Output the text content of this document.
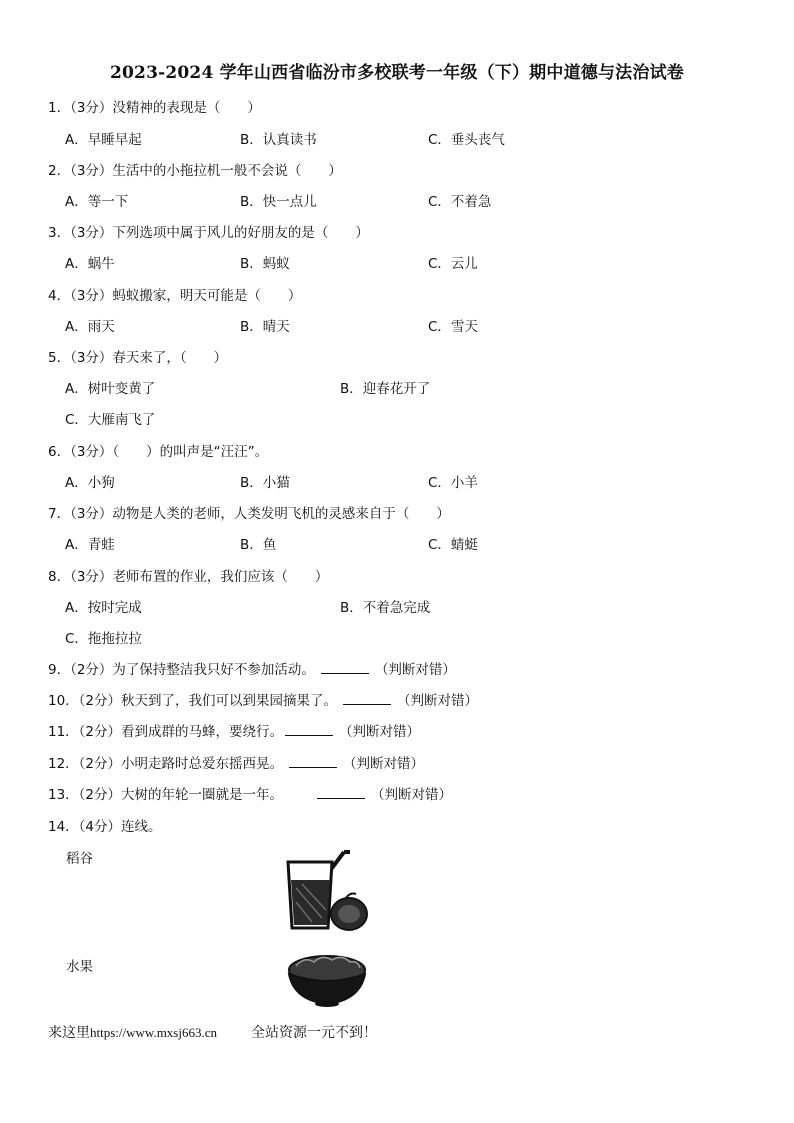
2023-2024 学年山西省临汾市多校联考一年级（下）期中道德与法治试卷
1．（3分）没精神的表现是（　　）
A．早睡早起	B．认真读书	C．垂头丧气
2．（3分）生活中的小拖拉机一般不会说（　　）
A．等一下	B．快一点儿	C．不着急
3．（3分）下列选项中属于风儿的好朋友的是（　　）
A．蜗牛	B．蚂蚁	C．云儿
4．（3分）蚂蚁搬家，明天可能是（　　）
A．雨天	B．晴天	C．雪天
5．（3分）春天来了，（　　）
A．树叶变黄了	B．迎春花开了
C．大雁南飞了
6．（3分）（　　）的叫声是“汪汪”。
A．小狗	B．小猫	C．小羊
7．（3分）动物是人类的老师，人类发明飞机的灵感来自于（　　）
A．青蛙	B．鱼	C．蜻蜓
8．（3分）老师布置的作业，我们应该（　　）
A．按时完成	B．不着急完成
C．拖拖拉拉
9．（2分）为了保持整洁我只好不参加活动。	（判断对错）
10．（2分）秋天到了，我们可以到果园摘果了。	（判断对错）
11．（2分）看到成群的马蜂，要绕行。	（判断对错）
12．（2分）小明走路时总爱东摇西晃。	（判断对错）
13．（2分）大树的年轮一圈就是一年。	（判断对错）
14．（4分）连线。
稻谷
水果
来这里https://www.mxsj663.cn 全站资源一元不到！
